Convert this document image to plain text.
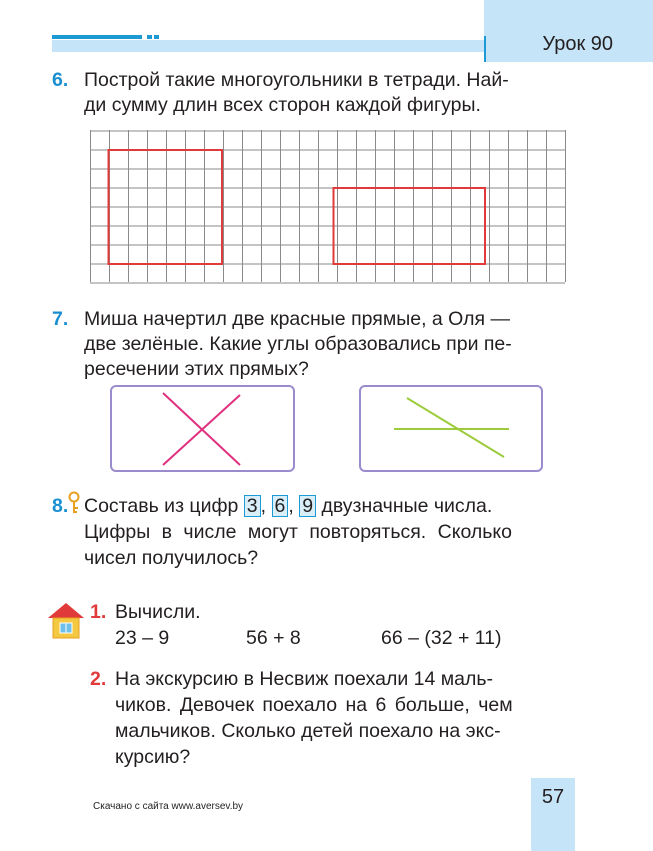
Урок 90
6. Построй такие многоугольники в тетради. Най-
ди сумму длин всех сторон каждой фигуры.
7. Миша начертил две красные прямые, а Оля —
две зелёные. Какие углы образовались при пе-
ресечении этих прямых?
8. Составь из цифр 3 , 6 , 9 двузначные числа.
Цифры в числе могут повторяться. Сколько
чисел получилось?
1. Вычисли.
23 – 9	56 + 8	66 – (32 + 11)
2. На экскурсию в Несвиж поехали 14 маль-
чиков. Девочек поехало на 6 больше, чем
мальчиков. Сколько детей поехало на экс-
курсию?
57
Скачано с сайта www.aversev.by
